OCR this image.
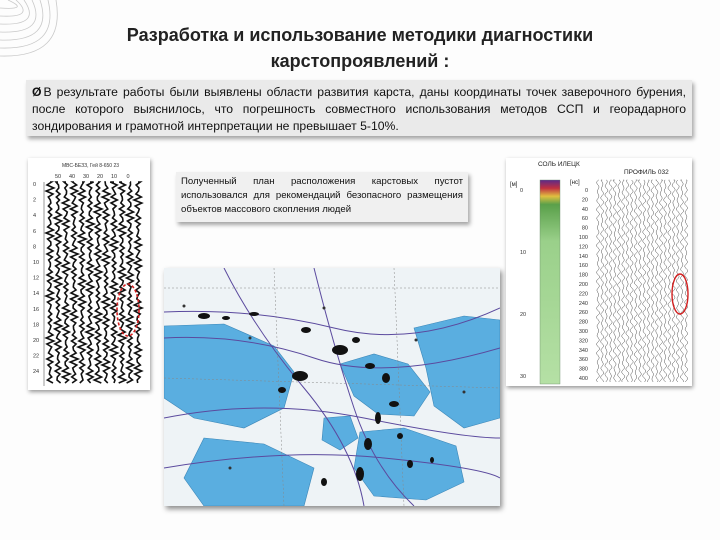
Разработка и использование методики диагностики карстопроявлений :
Ø В результате работы были выявлены области развития карста, даны координаты точек заверочного бурения, после которого выяснилось, что погрешность совместного использования методов ССП и георадарного зондирования и грамотной интерпретации не превышает 5-10%.
МВС-БЕЗЗ, Гей 8-650 23
50 40 30 20 10 0
0
2
4
6
8
10
12
14
16
18
20
22
24
Полученный план расположения карстовых пустот использовался для рекомендаций безопасного размещения объектов массового скопления людей
СОЛЬ ИЛЕЦК
ПРОФИЛЬ 032
[м]	[нс]
0
10
20
30
0
20
40
60
80
100
120
140
160
180
200
220
240
260
280
300
320
340
360
380
400
